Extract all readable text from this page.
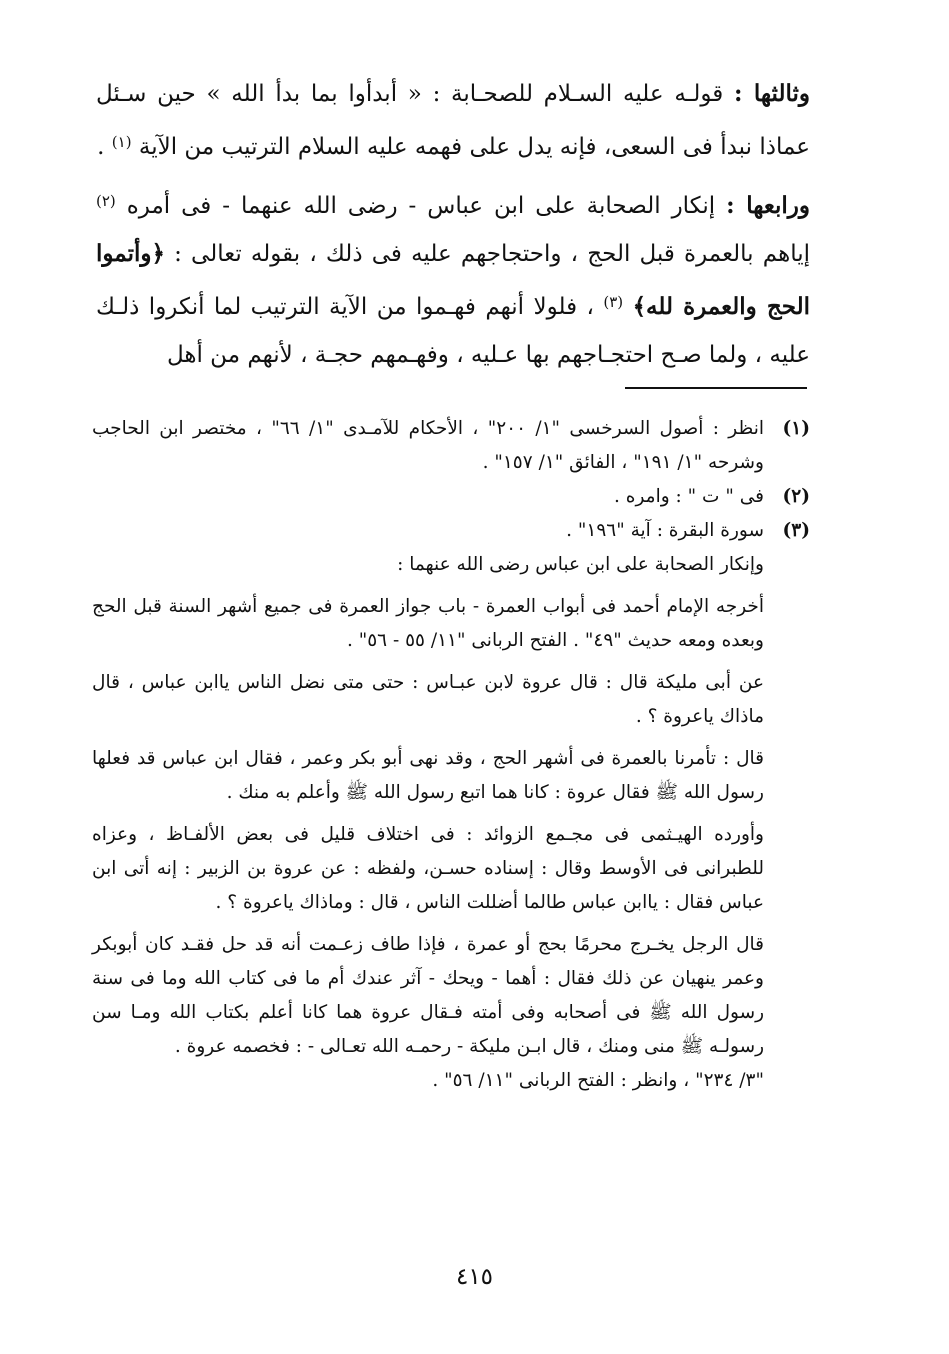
وثالثها : قولـه عليه السـلام للصحـابة : « أبدأوا بما بدأ الله » حين سـئل عماذا نبدأ فى السعى، فإنه يدل على فهمه عليه السلام الترتيب من الآية $^{(١)}$ .

ورابعها : إنكار الصحابة على ابن عباس - رضى الله عنهما - فى أمره $^{(٢)}$ إياهم بالعمرة قبل الحج ، واحتجاجهم عليه فى ذلك ، بقوله تعالى : ﴿وأتموا الحج والعمرة لله﴾ $^{(٣)}$ ، فلولا أنهم فهـموا من الآية الترتيب لما أنكروا ذلـك عليه ، ولما صـح احتجـاجهم بها عـليه ، وفهـمهم حجـة ، لأنهم من أهل

(١)
انظر : أصول السرخسى "١/ ٢٠٠" ، الأحكام للآمـدى "١/ ٦٦" ، مختصر ابن الحاجب وشرحه "١/ ١٩١" ، الفائق "١/ ١٥٧" .
(٢)
فى " ت " : وامره .
(٣)
سورة البقرة : آية "١٩٦" .

وإنكار الصحابة على ابن عباس رضى الله عنهما :

أخرجه الإمام أحمد فى أبواب العمرة - باب جواز العمرة فى جميع أشهر السنة قبل الحج وبعده ومعه حديث "٤٩" . الفتح الربانى "١١/ ٥٥ - ٥٦" .

عن أبى مليكة قال : قال عروة لابن عبـاس : حتى متى نضل الناس ياابن عباس ، قال ماذاك ياعروة ؟ .

قال : تأمرنا بالعمرة فى أشهر الحج ، وقد نهى أبو بكر وعمر ، فقال ابن عباس قد فعلها رسول الله ﷺ فقال عروة : كانا هما اتبع رسول الله ﷺ وأعلم به منك .

وأورده الهيـثمى فى مجـمع الزوائد : فى اختلاف قليل فى بعض الألفـاظ ، وعزاه للطبرانى فى الأوسط وقال : إسناده حسـن، ولفظه : عن عروة بن الزبير : إنه أتى ابن عباس فقال : ياابن عباس طالما أضللت الناس ، قال : وماذاك ياعروة ؟ .

قال الرجل يخـرج محرمًا بحج أو عمرة ، فإذا طاف زعـمت أنه قد حل فقـد كان أبوبكر وعمر ينهيان عن ذلك فقال : أهما - ويحك - آثر عندك أم ما فى كتاب الله وما فى سنة رسول الله ﷺ فى أصحابه وفى أمته فـقال عروة هما كانا أعلم بكتاب الله ومـا سن رسولـه ﷺ منى ومنك ، قال ابـن مليكة - رحمـه الله تعـالى - : فخصمه عروة .

"٣/ ٢٣٤" ، وانظر : الفتح الربانى "١١/ ٥٦" .

٤١٥
